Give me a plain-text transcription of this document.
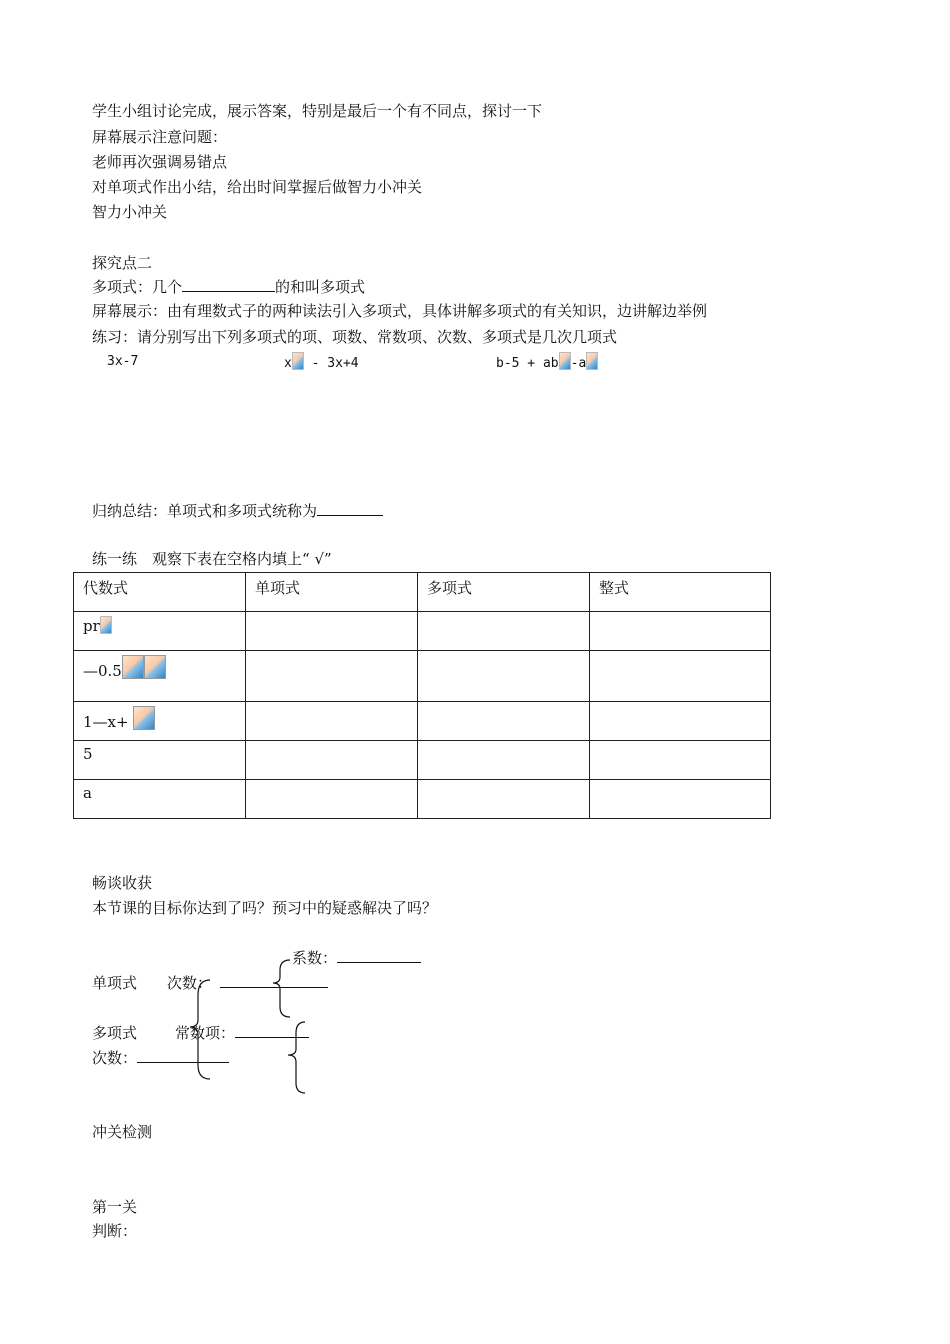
学生小组讨论完成，展示答案，特别是最后一个有不同点，探讨一下
屏幕展示注意问题：
老师再次强调易错点
对单项式作出小结，给出时间掌握后做智力小冲关
智力小冲关
探究点二
多项式：几个	的和叫多项式
屏幕展示：由有理数式子的两种读法引入多项式，具体讲解多项式的有关知识，边讲解边举例
练习：请分别写出下列多项式的项、项数、常数项、次数、多项式是几次几项式
3x-7	x - 3x+4	b-5 + ab -a
归纳总结：单项式和多项式统称为
练一练　观察下表在空格内填上“ √”
代数式	单项式	多项式	整式
pr			
—0.5			
1—x+			
5			
a			
畅谈收获
本节课的目标你达到了吗？预习中的疑惑解决了吗？
系数：
单项式 次数：
多项式	常数项：
次数：
冲关检测
第一关
判断：
